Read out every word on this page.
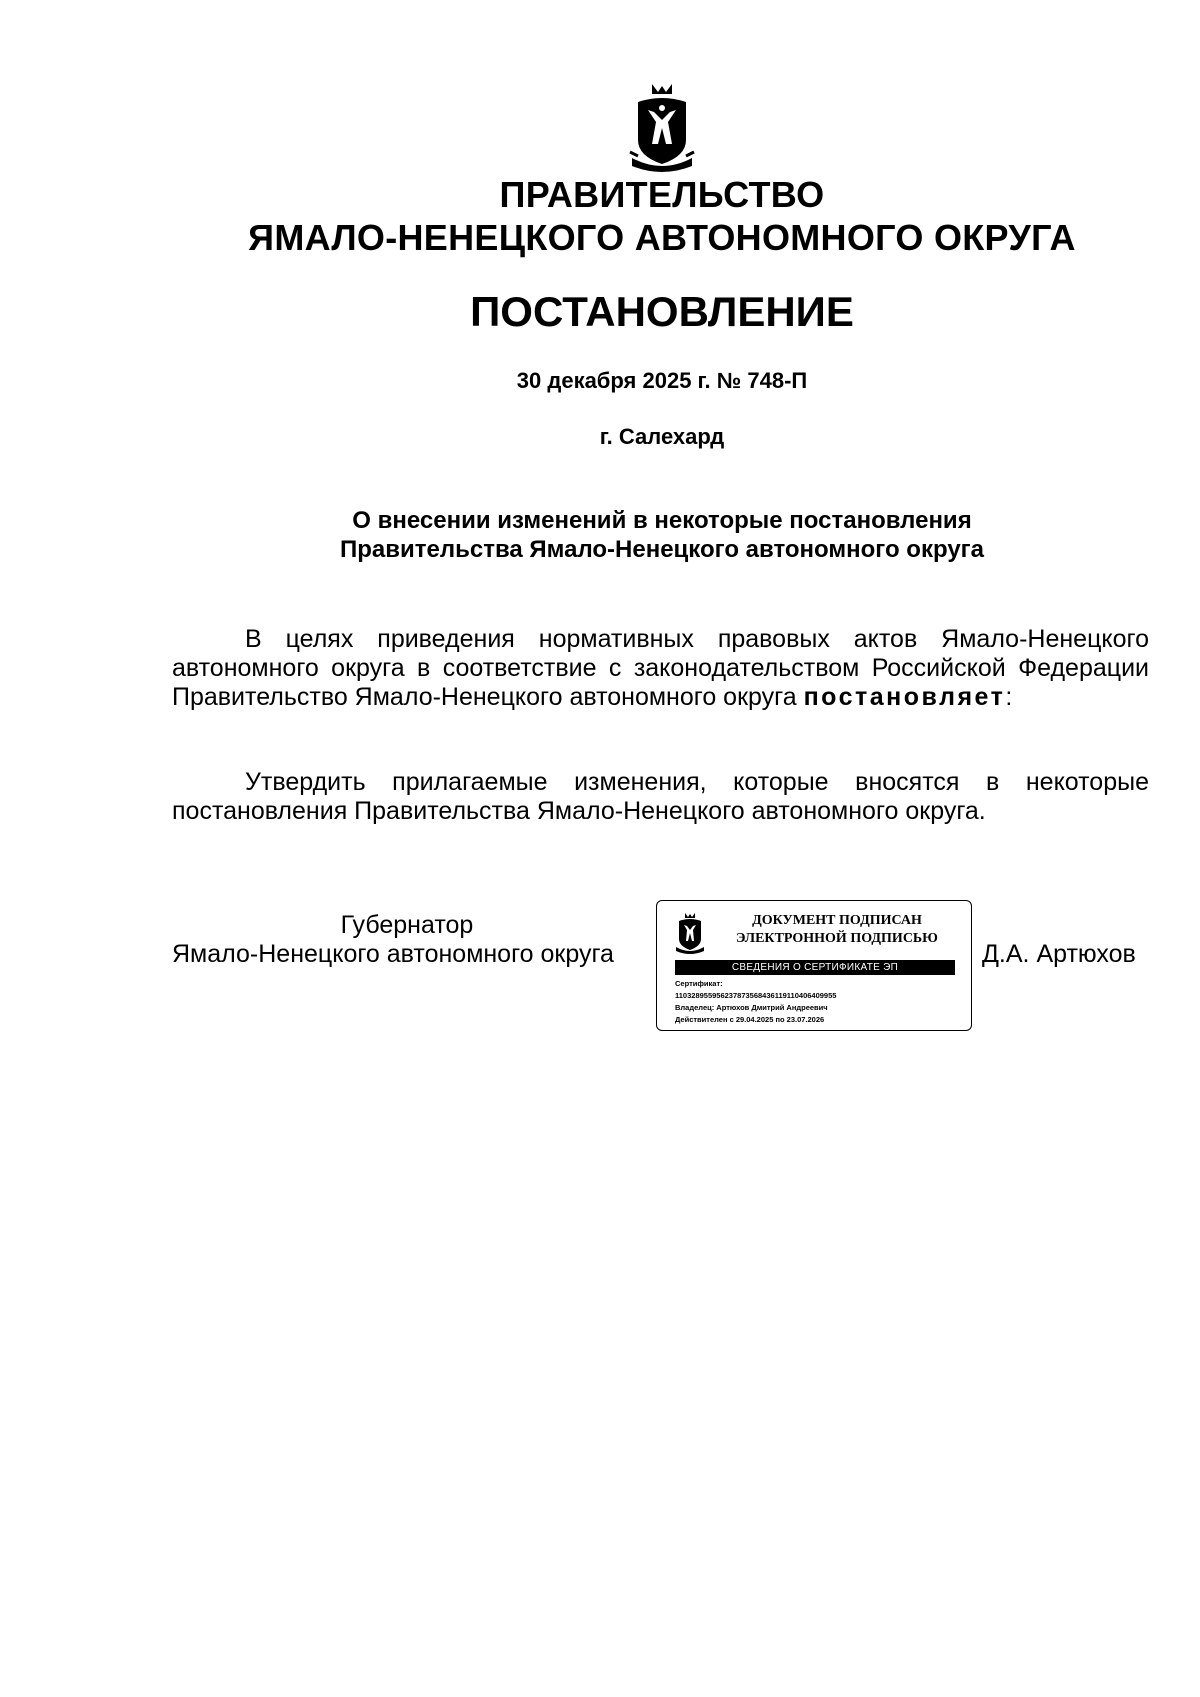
ПРАВИТЕЛЬСТВО
ЯМАЛО-НЕНЕЦКОГО АВТОНОМНОГО ОКРУГА
ПОСТАНОВЛЕНИЕ
30 декабря 2025 г. № 748-П
г. Салехард
О внесении изменений в некоторые постановления
Правительства Ямало-Ненецкого автономного округа
В целях приведения нормативных правовых актов Ямало-Ненецкого автономного округа в соответствие с законодательством Российской Федерации Правительство Ямало-Ненецкого автономного округа постановляет:
Утвердить прилагаемые изменения, которые вносятся в некоторые постановления Правительства Ямало-Ненецкого автономного округа.
Губернатор
Ямало-Ненецкого автономного округа
ДОКУМЕНТ ПОДПИСАН
ЭЛЕКТРОННОЙ ПОДПИСЬЮ
СВЕДЕНИЯ О СЕРТИФИКАТЕ ЭП
Сертификат:
11032895595623787356843611911040640995​5
Владелец: Артюхов Дмитрий Андреевич
Действителен с 29.04.2025 по 23.07.2026
Д.А. Артюхов
